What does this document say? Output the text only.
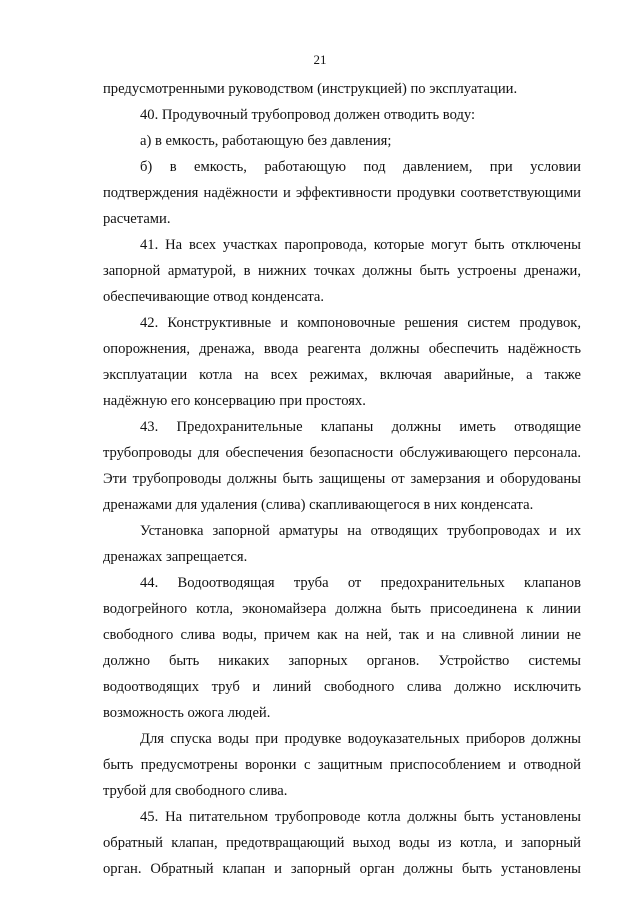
21

предусмотренными руководством (инструкцией) по эксплуатации.

40. Продувочный трубопровод должен отводить воду:

а) в емкость, работающую без давления;

б) в емкость, работающую под давлением, при условии подтверждения надёжности и эффективности продувки соответствующими расчетами.

41. На всех участках паропровода, которые могут быть отключены запорной арматурой, в нижних точках должны быть устроены дренажи, обеспечивающие отвод конденсата.

42. Конструктивные и компоновочные решения систем продувок, опорожнения, дренажа, ввода реагента должны обеспечить надёжность эксплуатации котла на всех режимах, включая аварийные, а также надёжную его консервацию при простоях.

43. Предохранительные клапаны должны иметь отводящие трубопроводы для обеспечения безопасности обслуживающего персонала. Эти трубопроводы должны быть защищены от замерзания и оборудованы дренажами для удаления (слива) скапливающегося в них конденсата.

Установка запорной арматуры на отводящих трубопроводах и их дренажах запрещается.

44. Водоотводящая труба от предохранительных клапанов водогрейного котла, экономайзера должна быть присоединена к линии свободного слива воды, причем как на ней, так и на сливной линии не должно быть никаких запорных органов. Устройство системы водоотводящих труб и линий свободного слива должно исключить возможность ожога людей.

Для спуска воды при продувке водоуказательных приборов должны быть предусмотрены воронки с защитным приспособлением и отводной трубой для свободного слива.

45. На питательном трубопроводе котла должны быть установлены обратный клапан, предотвращающий выход воды из котла, и запорный орган. Обратный клапан и запорный орган должны быть установлены
